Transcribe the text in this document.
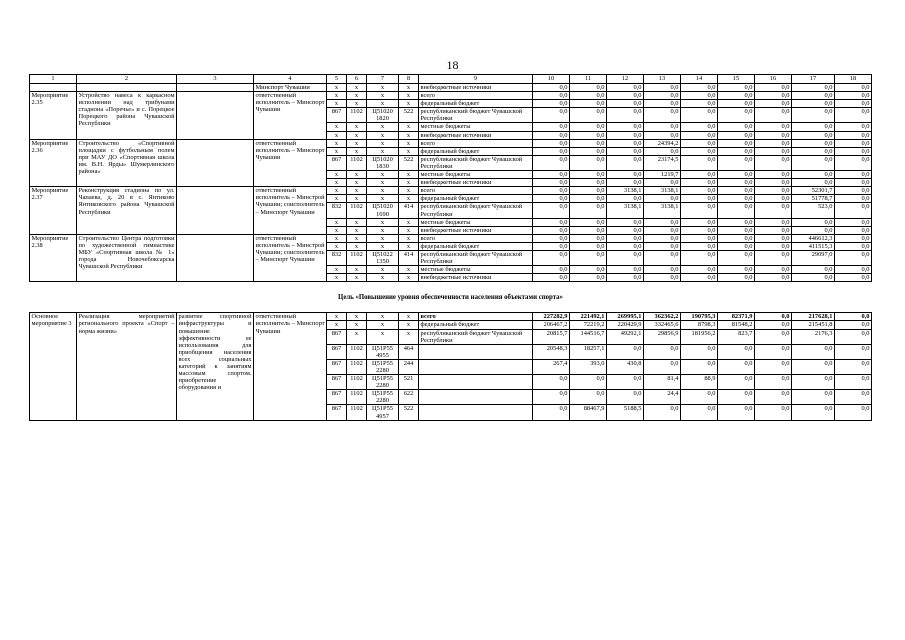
18
1	2	3	4	5	6	7	8	9	10	11	12	13	14	15	16	17	18
			Минспорт Чувашии	x	x	x	x	внебюджетные источники	0,0	0,0	0,0	0,0	0,0	0,0	0,0	0,0	0,0
Мероприятие 2.35	Устройство навеса к каркасном исполнении над трибунами стадиона «Поречье» и с. Порецкое Порецкого района Чувашской Республики		ответственный исполнитель – Минспорт Чувашии	x	x	x	x	всего	0,0	0,0	0,0	0,0	0,0	0,0	0,0	0,0	0,0
				x	x	x	x	федеральный бюджет	0,0	0,0	0,0	0,0	0,0	0,0	0,0	0,0	0,0
				867	1102	Ц51020 1820	522	республиканский бюджет Чувашской Республики	0,0	0,0	0,0	0,0	0,0	0,0	0,0	0,0	0,0
				x	x	x	x	местные бюджеты	0,0	0,0	0,0	0,0	0,0	0,0	0,0	0,0	0,0
				x	x	x	x	внебюджетные источники	0,0	0,0	0,0	0,0	0,0	0,0	0,0	0,0	0,0
Мероприятие 2.36	Строительство «Спортивной площадки с футбольным полем при МАУ ДО «Спортивная школа им. В.Н. Ярды» Шумерлинского района»		ответственный исполнитель – Минспорт Чувашии	x	x	x	x	всего	0,0	0,0	0,0	24394,2	0,0	0,0	0,0	0,0	0,0
				x	x	x	x	федеральный бюджет	0,0	0,0	0,0	0,0	0,0	0,0	0,0	0,0	0,0
				867	1102	Ц51020 1830	522	республиканский бюджет Чувашской Республики	0,0	0,0	0,0	23174,5	0,0	0,0	0,0	0,0	0,0
				x	x	x	x	местные бюджеты	0,0	0,0	0,0	1219,7	0,0	0,0	0,0	0,0	0,0
				x	x	x	x	внебюджетные источники	0,0	0,0	0,0	0,0	0,0	0,0	0,0	0,0	0,0
Мероприятие 2.37	Реконструкция стадиона по ул. Чапаева, д. 20 в с. Янтиково Янтиковского района Чувашской Республики		ответственный исполнитель – Минстрой Чувашии; соисполнитель – Минспорт Чувашии	x	x	x	x	всего	0,0	0,0	3138,1	3138,1	0,0	0,0	0,0	52301,7	0,0
				x	x	x	x	федеральный бюджет	0,0	0,0	0,0	0,0	0,0	0,0	0,0	51778,7	0,0
				832	1102	Ц51020 1690	414	республиканский бюджет Чувашской Республики	0,0	0,0	3138,1	3138,1	0,0	0,0	0,0	523,0	0,0
				x	x	x	x	местные бюджеты	0,0	0,0	0,0	0,0	0,0	0,0	0,0	0,0	0,0
				x	x	x	x	внебюджетные источники	0,0	0,0	0,0	0,0	0,0	0,0	0,0	0,0	0,0
Мероприятие 2.38	Строительство Центра подготовки по художественной гимнастике МБУ «Спортивная школа № 1» города Новочебоксарска Чувашской Республики		ответственный исполнитель – Минстрой Чувашии; соисполнитель – Минспорт Чувашии	x	x	x	x	всего	0,0	0,0	0,0	0,0	0,0	0,0	0,0	446612,3	0,0
				x	x	x	x	федеральный бюджет	0,0	0,0	0,0	0,0	0,0	0,0	0,0	411515,3	0,0
				832	1102	Ц51022 1350	414	республиканский бюджет Чувашской Республики	0,0	0,0	0,0	0,0	0,0	0,0	0,0	29097,0	0,0
				x	x	x	x	местные бюджеты	0,0	0,0	0,0	0,0	0,0	0,0	0,0	0,0	0,0
				x	x	x	x	внебюджетные источники	0,0	0,0	0,0	0,0	0,0	0,0	0,0	0,0	0,0
Цель «Повышение уровня обеспеченности населения объектами спорта»																	
Основное мероприятие 3	Реализация мероприятий регионального проекта «Спорт – норма жизни»	развитие спортивной инфраструктуры и повышение эффективности ее использования для приобщения населения всех социальных категорий к занятиям массовым спортом. приобретение оборудования и	ответственный исполнитель – Минспорт Чувашии	x	x	x	x	всего	227282,9	221492,1	269995,1	362362,2	190795,3	82371,9	0,0	217628,1	0,0
				x	x	x	x	федеральный бюджет	206467,2	72219,2	220429,9	332465,6	8798,3	81548,2	0,0	215451,8	0,0
				867	x	x	x	республиканский бюджет Чувашской Республики	20815,7	144516,7	49292,1	29856,9	181956,2	823,7	0,0	2176,3	0,0
				867	1102	Ц51Р55 4955	464		20548,3	18257,1	0,0	0,0	0,0	0,0	0,0	0,0	0,0
				867	1102	Ц51Р55 2280	244		267,4	393,0	430,8	0,0	0,0	0,0	0,0	0,0	0,0
				867	1102	Ц51Р55 2280	521		0,0	0,0	0,0	81,4	88,9	0,0	0,0	0,0	0,0
				867	1102	Ц51Р55 2280	622		0,0	0,0	0,0	24,4	0,0	0,0	0,0	0,0	0,0
				867	1102	Ц51Р55 4957	522		0,0	88467,9	5188,5	0,0	0,0	0,0	0,0	0,0	0,0
